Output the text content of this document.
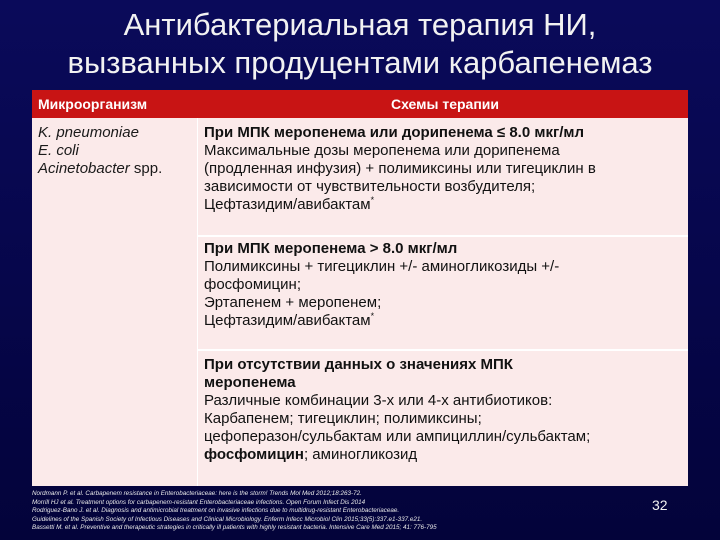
Антибактериальная терапия НИ,
вызванных продуцентами карбапенемаз
Микроорганизм	Схемы терапии
K. pneumoniae
E. coli
Acinetobacter spp.
При МПК меропенема или дорипенема ≤ 8.0 мкг/мл
Максимальные дозы меропенема или дорипенема
(продленная инфузия) + полимиксины или тигециклин в
зависимости от чувствительности возбудителя;
Цефтазидим/авибактам*
При МПК меропенема > 8.0 мкг/мл
Полимиксины + тигециклин +/- аминогликозиды +/-
фосфомицин;
Эртапенем + меропенем;
Цефтазидим/авибактам*
При отсутствии данных о значениях МПК
меропенема
Различные комбинации 3-х или 4-х антибиотиков:
Карбапенем; тигециклин; полимиксины;
цефоперазон/сульбактам или ампициллин/сульбактам;
фосфомицин; аминогликозид
Nordmann P. et al. Carbapenem resistance in Enterobacteriaceae: here is the storm! Trends Mol Med 2012;18:263-72.
Morrill HJ et al. Treatment options for carbapenem-resistant Enterobacteriaceae infections. Open Forum Infect Dis 2014
Rodriguez-Bano J. et al. Diagnosis and antimicrobial treatment on invasive infections due to multidrug-resistant Enterobacteriaceae.
Guidelines of the Spanish Society of Infectious Diseases and Clinical Microbiology. Enferm Infecc Microbiol Clin 2015;33(5):337.e1-337.e21.
Bassetti M. et al. Preventive and therapeutic strategies in critically ill patients with highly resistant bacteria. Intensive Care Med 2015; 41: 776-795
32
